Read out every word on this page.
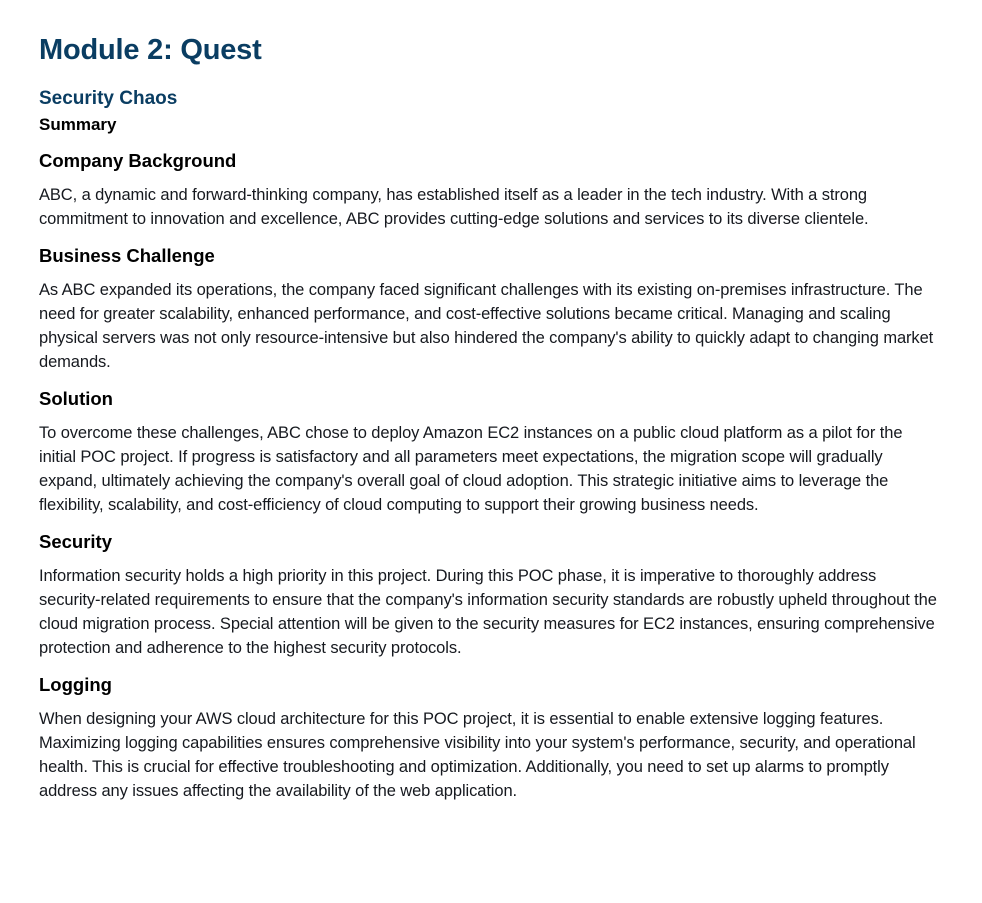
Module 2: Quest
Security Chaos
Summary
Company Background

ABC, a dynamic and forward-thinking company, has established itself as a leader in the tech industry. With a strong commitment to innovation and excellence, ABC provides cutting-edge solutions and services to its diverse clientele.

Business Challenge

As ABC expanded its operations, the company faced significant challenges with its existing on-premises infrastructure. The need for greater scalability, enhanced performance, and cost-effective solutions became critical. Managing and scaling physical servers was not only resource-intensive but also hindered the company's ability to quickly adapt to changing market demands.

Solution

To overcome these challenges, ABC chose to deploy Amazon EC2 instances on a public cloud platform as a pilot for the initial POC project. If progress is satisfactory and all parameters meet expectations, the migration scope will gradually expand, ultimately achieving the company's overall goal of cloud adoption. This strategic initiative aims to leverage the flexibility, scalability, and cost-efficiency of cloud computing to support their growing business needs.

Security

Information security holds a high priority in this project. During this POC phase, it is imperative to thoroughly address security-related requirements to ensure that the company's information security standards are robustly upheld throughout the cloud migration process. Special attention will be given to the security measures for EC2 instances, ensuring comprehensive protection and adherence to the highest security protocols.

Logging

When designing your AWS cloud architecture for this POC project, it is essential to enable extensive logging features. Maximizing logging capabilities ensures comprehensive visibility into your system's performance, security, and operational health. This is crucial for effective troubleshooting and optimization. Additionally, you need to set up alarms to promptly address any issues affecting the availability of the web application.
